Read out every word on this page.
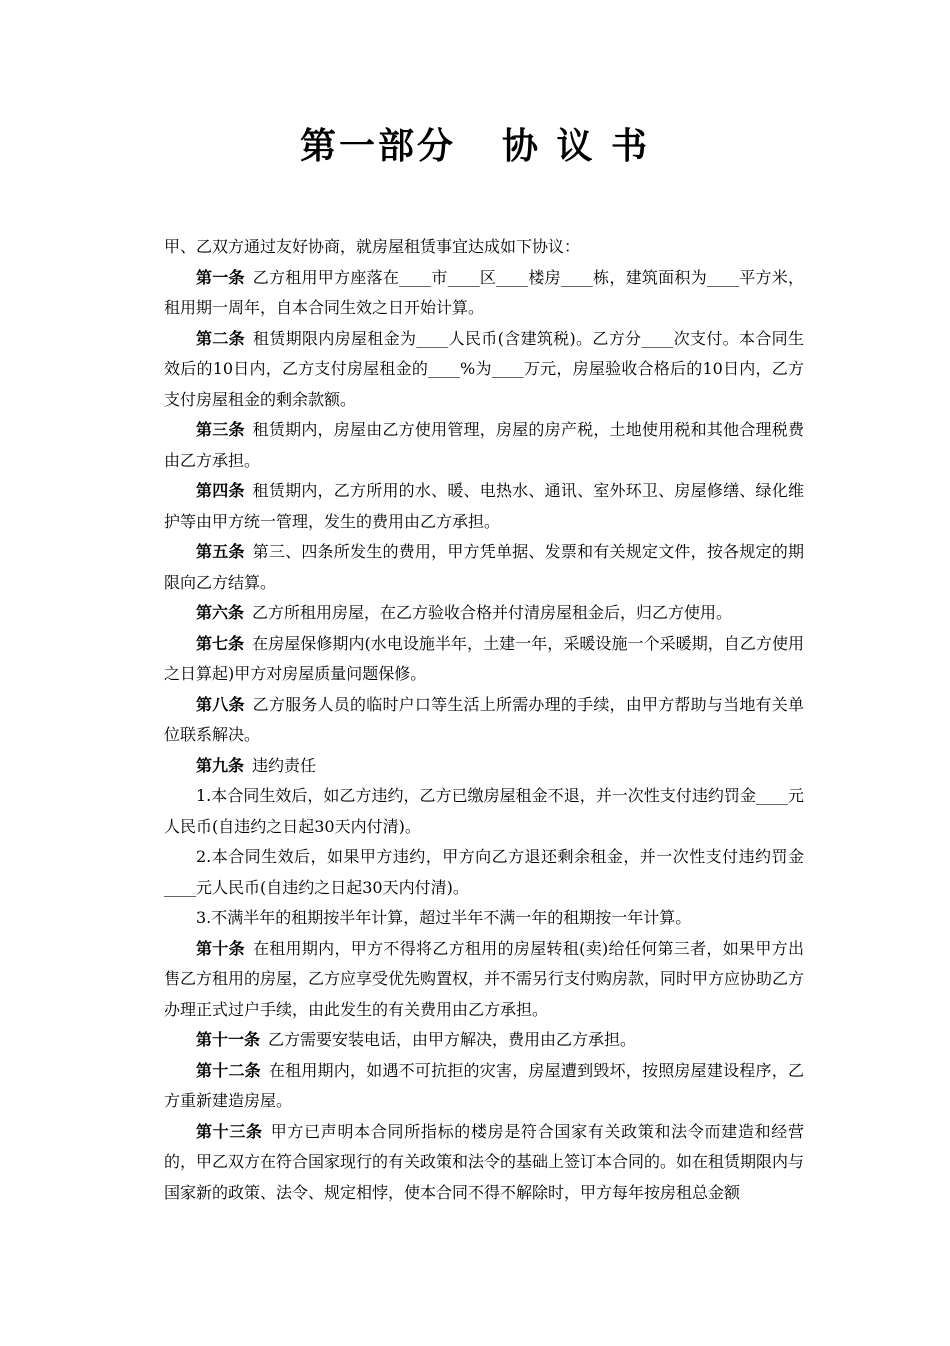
第一部分 协 议 书

甲、乙双方通过友好协商，就房屋租赁事宜达成如下协议：

第一条 乙方租用甲方座落在____市____区____楼房____栋，建筑面积为____平方米，租用期一周年，自本合同生效之日开始计算。

第二条 租赁期限内房屋租金为____人民币(含建筑税)。乙方分____次支付。本合同生效后的10日内，乙方支付房屋租金的____%为____万元，房屋验收合格后的10日内，乙方支付房屋租金的剩余款额。

第三条 租赁期内，房屋由乙方使用管理，房屋的房产税，土地使用税和其他合理税费由乙方承担。

第四条 租赁期内，乙方所用的水、暖、电热水、通讯、室外环卫、房屋修缮、绿化维护等由甲方统一管理，发生的费用由乙方承担。

第五条 第三、四条所发生的费用，甲方凭单据、发票和有关规定文件，按各规定的期限向乙方结算。

第六条 乙方所租用房屋，在乙方验收合格并付清房屋租金后，归乙方使用。

第七条 在房屋保修期内(水电设施半年，土建一年，采暖设施一个采暖期，自乙方使用之日算起)甲方对房屋质量问题保修。

第八条 乙方服务人员的临时户口等生活上所需办理的手续，由甲方帮助与当地有关单位联系解决。

第九条 违约责任

1.本合同生效后，如乙方违约，乙方已缴房屋租金不退，并一次性支付违约罚金____元人民币(自违约之日起30天内付清)。

2.本合同生效后，如果甲方违约，甲方向乙方退还剩余租金，并一次性支付违约罚金____元人民币(自违约之日起30天内付清)。

3.不满半年的租期按半年计算，超过半年不满一年的租期按一年计算。

第十条 在租用期内，甲方不得将乙方租用的房屋转租(卖)给任何第三者，如果甲方出售乙方租用的房屋，乙方应享受优先购置权，并不需另行支付购房款，同时甲方应协助乙方办理正式过户手续，由此发生的有关费用由乙方承担。

第十一条 乙方需要安装电话，由甲方解决，费用由乙方承担。

第十二条 在租用期内，如遇不可抗拒的灾害，房屋遭到毁坏，按照房屋建设程序，乙方重新建造房屋。

第十三条 甲方已声明本合同所指标的楼房是符合国家有关政策和法令而建造和经营的，甲乙双方在符合国家现行的有关政策和法令的基础上签订本合同的。如在租赁期限内与国家新的政策、法令、规定相悖，使本合同不得不解除时，甲方每年按房租总金额
